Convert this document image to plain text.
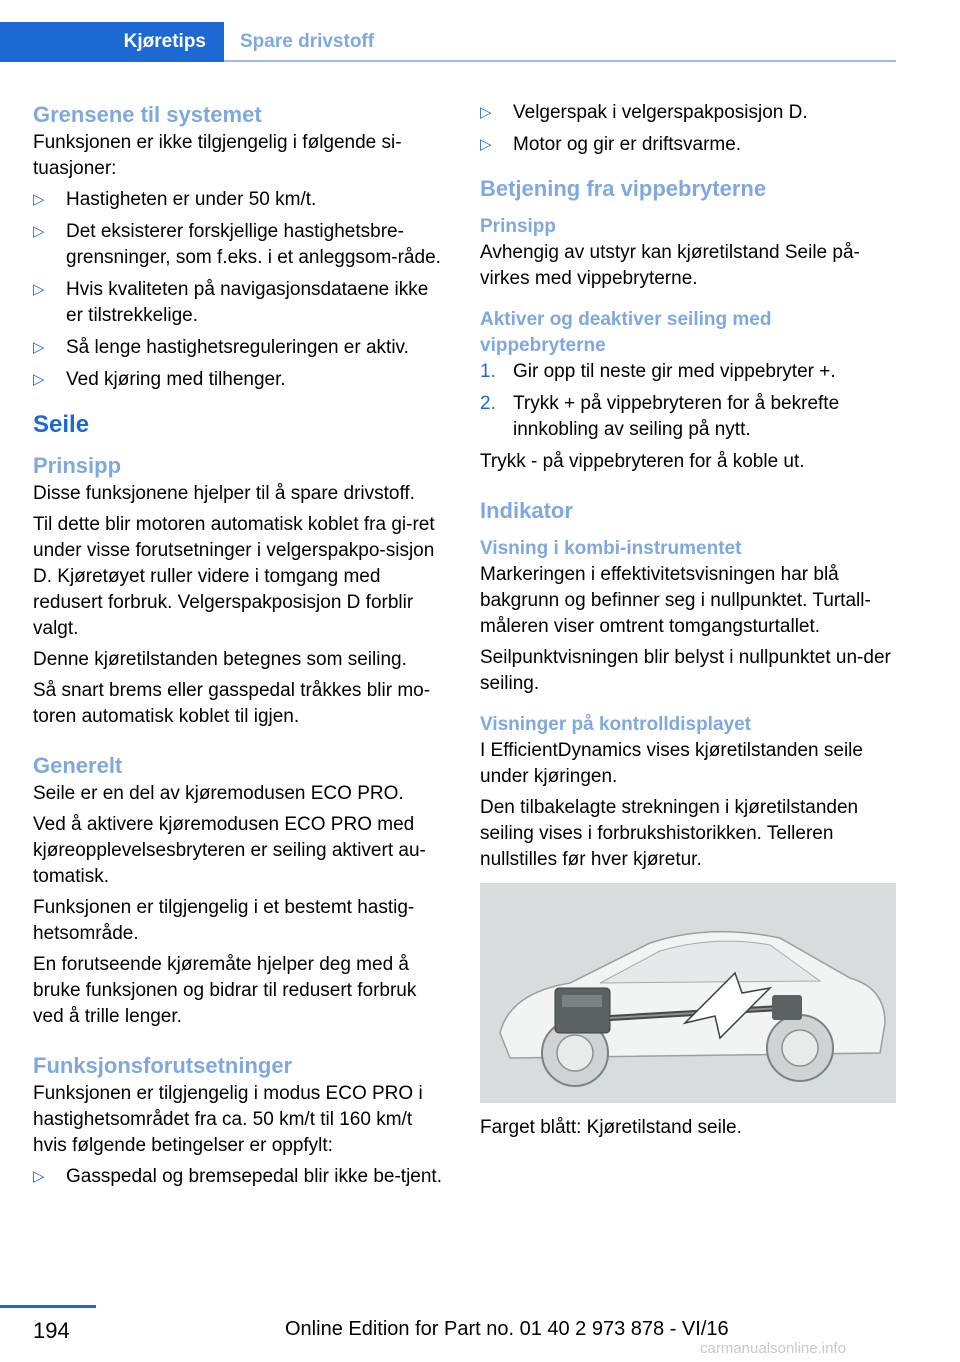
Kjøretips	Spare drivstoff
Grensene til systemet
Funksjonen er ikke tilgjengelig i følgende si-tuasjoner:
▷ Hastigheten er under 50 km/t.
▷ Det eksisterer forskjellige hastighetsbre-grensninger, som f.eks. i et anleggsom-råde.
▷ Hvis kvaliteten på navigasjonsdataene ikke er tilstrekkelige.
▷ Så lenge hastighetsreguleringen er aktiv.
▷ Ved kjøring med tilhenger.
Seile
Prinsipp
Disse funksjonene hjelper til å spare drivstoff.
Til dette blir motoren automatisk koblet fra gi-ret under visse forutsetninger i velgerspakpo-sisjon D. Kjøretøyet ruller videre i tomgang med redusert forbruk. Velgerspakposisjon D forblir valgt.
Denne kjøretilstanden betegnes som seiling.
Så snart brems eller gasspedal tråkkes blir mo-toren automatisk koblet til igjen.
Generelt
Seile er en del av kjøremodusen ECO PRO.
Ved å aktivere kjøremodusen ECO PRO med kjøreopplevelsesbryteren er seiling aktivert au-tomatisk.
Funksjonen er tilgjengelig i et bestemt hastig-hetsområde.
En forutseende kjøremåte hjelper deg med å bruke funksjonen og bidrar til redusert forbruk ved å trille lenger.
Funksjonsforutsetninger
Funksjonen er tilgjengelig i modus ECO PRO i hastighetsområdet fra ca. 50 km/t til 160 km/t hvis følgende betingelser er oppfylt:
▷ Gasspedal og bremsepedal blir ikke be-tjent.
▷ Velgerspak i velgerspakposisjon D.
▷ Motor og gir er driftsvarme.
Betjening fra vippebryterne
Prinsipp
Avhengig av utstyr kan kjøretilstand Seile på-virkes med vippebryterne.
Aktiver og deaktiver seiling med vippebryterne
1. Gir opp til neste gir med vippebryter +.
2. Trykk + på vippebryteren for å bekrefte innkobling av seiling på nytt.
Trykk - på vippebryteren for å koble ut.
Indikator
Visning i kombi-instrumentet
Markeringen i effektivitetsvisningen har blå bakgrunn og befinner seg i nullpunktet. Turtall-måleren viser omtrent tomgangsturtallet.
Seilpunktvisningen blir belyst i nullpunktet un-der seiling.
Visninger på kontrolldisplayet
I EfficientDynamics vises kjøretilstanden seile under kjøringen.
Den tilbakelagte strekningen i kjøretilstanden seiling vises i forbrukshistorikken. Telleren nullstilles før hver kjøretur.
Farget blått: Kjøretilstand seile.
194	Online Edition for Part no. 01 40 2 973 878 - VI/16
carmanualsonline.info
